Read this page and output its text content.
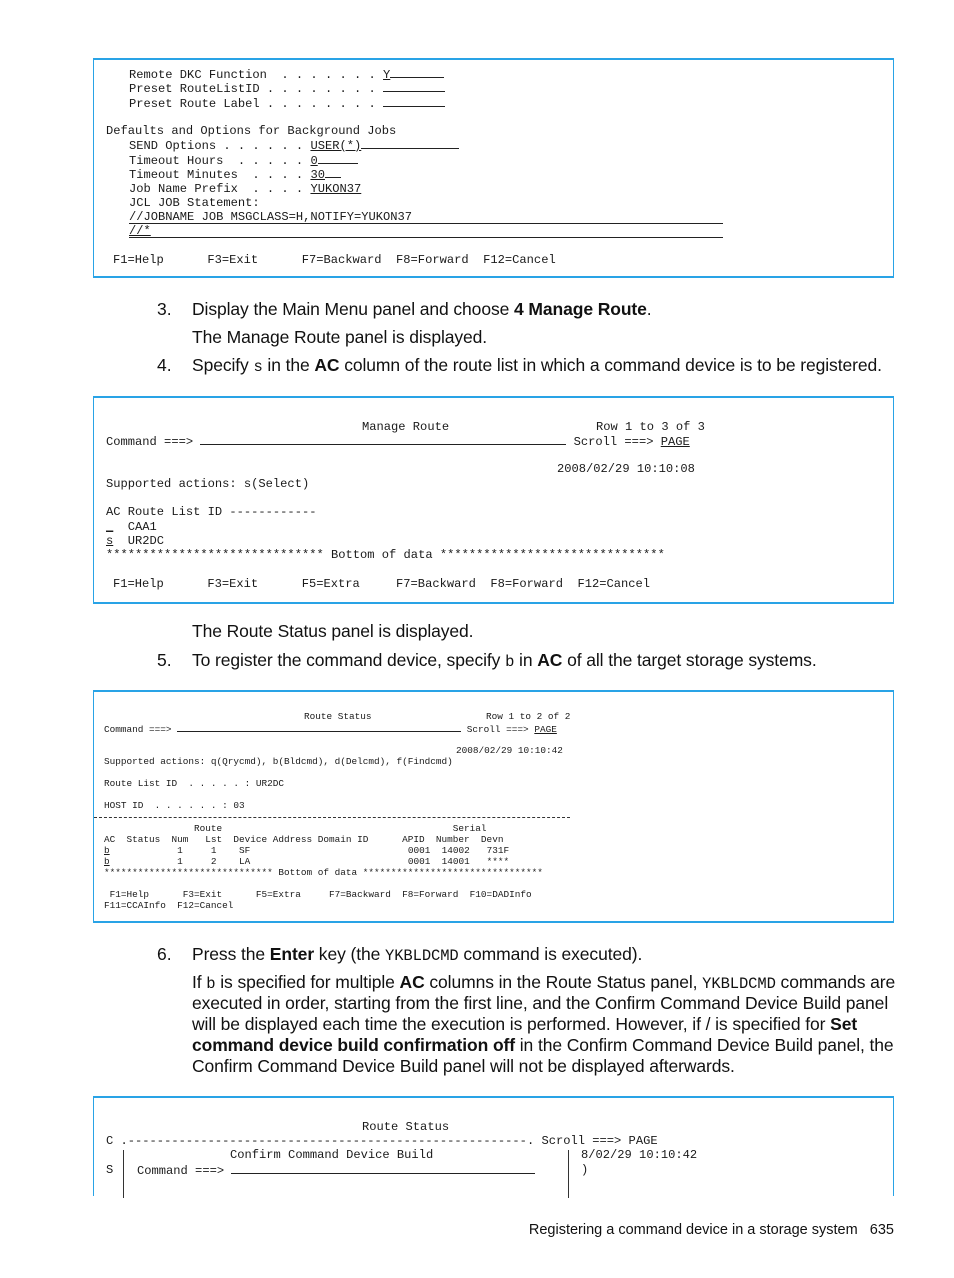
Remote DKC Function  . . . . . . . Y

Preset RouteListID . . . . . . . .

Preset Route Label . . . . . . . .

Defaults and Options for Background Jobs

SEND Options . . . . . . USER(*)

Timeout Hours  . . . . . 0

Timeout Minutes  . . . . 30

Job Name Prefix  . . . . YUKON37

JCL JOB Statement:

//JOBNAME JOB MSGCLASS=H,NOTIFY=YUKON37

//*

F1=Help      F3=Exit      F7=Backward  F8=Forward  F12=Cancel

3. Display the Main Menu panel and choose 4 Manage Route.
The Manage Route panel is displayed.
4. Specify s in the AC column of the route list in which a command device is to be registered.

Manage Route

	Row 1 to 3 of 3

Command ===>	Scroll ===> PAGE

2008/02/29 10:10:08

Supported actions: s(Select)

AC Route List ID ------------

_ CAA1

s UR2DC

****************************** Bottom of data *******************************

F1=Help      F3=Exit      F5=Extra     F7=Backward  F8=Forward  F12=Cancel

The Route Status panel is displayed.
5. To register the command device, specify b in AC of all the target storage systems.

Route Status

	Row 1 to 2 of 2

Command ===>	Scroll ===> PAGE

2008/02/29 10:10:42

Supported actions: q(Qrycmd), b(Bldcmd), d(Delcmd), f(Findcmd)

Route List ID  . . . . . : UR2DC

HOST ID  . . . . . . : 03

Route                                         Serial

AC  Status  Num   Lst  Device Address Domain ID      APID  Number  Devn

b            1     1    SF                            0001  14002   731F

b            1     2    LA                            0001  14001   ****

****************************** Bottom of data ********************************

F1=Help      F3=Exit      F5=Extra     F7=Backward  F8=Forward  F10=DADInfo

F11=CCAInfo  F12=Cancel

6. Press the Enter key (the YKBLDCMD command is executed).
If b is specified for multiple AC columns in the Route Status panel, YKBLDCMD commands are
executed in order, starting from the first line, and the Confirm Command Device Build panel
will be displayed each time the execution is performed. However, if / is specified for Set
command device build confirmation off in the Confirm Command Device Build panel, the
Confirm Command Device Build panel will not be displayed afterwards.

Route Status

C .-------------------------------------------------------. Scroll ===> PAGE

Confirm Command Device Build

	8/02/29 10:10:42

S

Command ===>

	)

Registering a command device in a storage system 635
